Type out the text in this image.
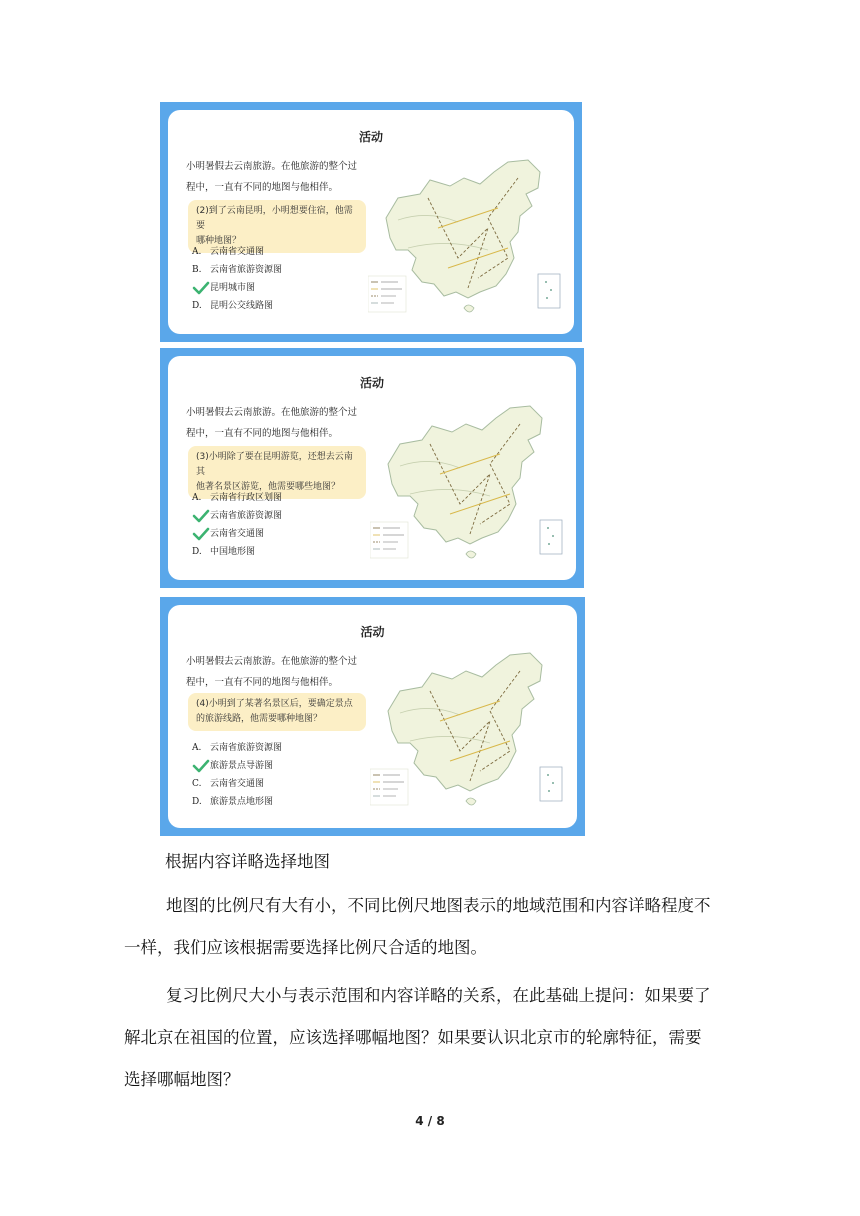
活动
小明暑假去云南旅游。在他旅游的整个过
程中，一直有不同的地图与他相伴。
(2)到了云南昆明，小明想要住宿，他需要
哪种地图？
A. 云南省交通图
B. 云南省旅游资源图
昆明城市图
D. 昆明公交线路图
活动
小明暑假去云南旅游。在他旅游的整个过
程中，一直有不同的地图与他相伴。
(3)小明除了要在昆明游览，还想去云南其
他著名景区游览，他需要哪些地图？
A. 云南省行政区划图
云南省旅游资源图
云南省交通图
D. 中国地形图
活动
小明暑假去云南旅游。在他旅游的整个过
程中，一直有不同的地图与他相伴。
(4)小明到了某著名景区后，要确定景点
的旅游线路，他需要哪种地图？
A. 云南省旅游资源图
旅游景点导游图
C. 云南省交通图
D. 旅游景点地形图
根据内容详略选择地图
地图的比例尺有大有小，不同比例尺地图表示的地域范围和内容详略程度不
一样，我们应该根据需要选择比例尺合适的地图。
复习比例尺大小与表示范围和内容详略的关系，在此基础上提问：如果要了
解北京在祖国的位置，应该选择哪幅地图？如果要认识北京市的轮廓特征，需要
选择哪幅地图？
4 / 8
